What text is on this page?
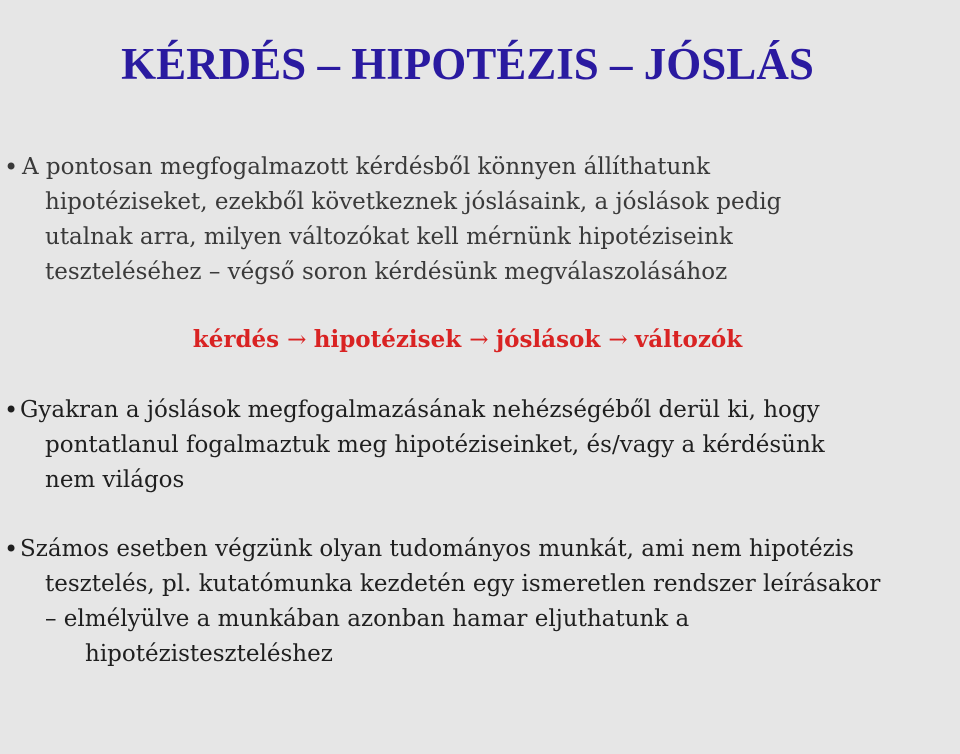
KÉRDÉS – HIPOTÉZIS – JÓSLÁS
• A pontosan megfogalmazott kérdésből könnyen állíthatunk
hipotéziseket, ezekből következnek jóslásaink, a jóslások pedig
utalnak arra, milyen változókat kell mérnünk hipotéziseink
teszteléséhez – végső soron kérdésünk megválaszolásához
kérdés → hipotézisek → jóslások → változók
• Gyakran a jóslások megfogalmazásának nehézségéből derül ki, hogy
pontatlanul fogalmaztuk meg hipotéziseinket, és/vagy a kérdésünk
nem világos
• Számos esetben végzünk olyan tudományos munkát, ami nem hipotézis
tesztelés, pl. kutatómunka kezdetén egy ismeretlen rendszer leírásakor
– elmélyülve a munkában azonban hamar eljuthatunk a
hipotézisteszteléshez
